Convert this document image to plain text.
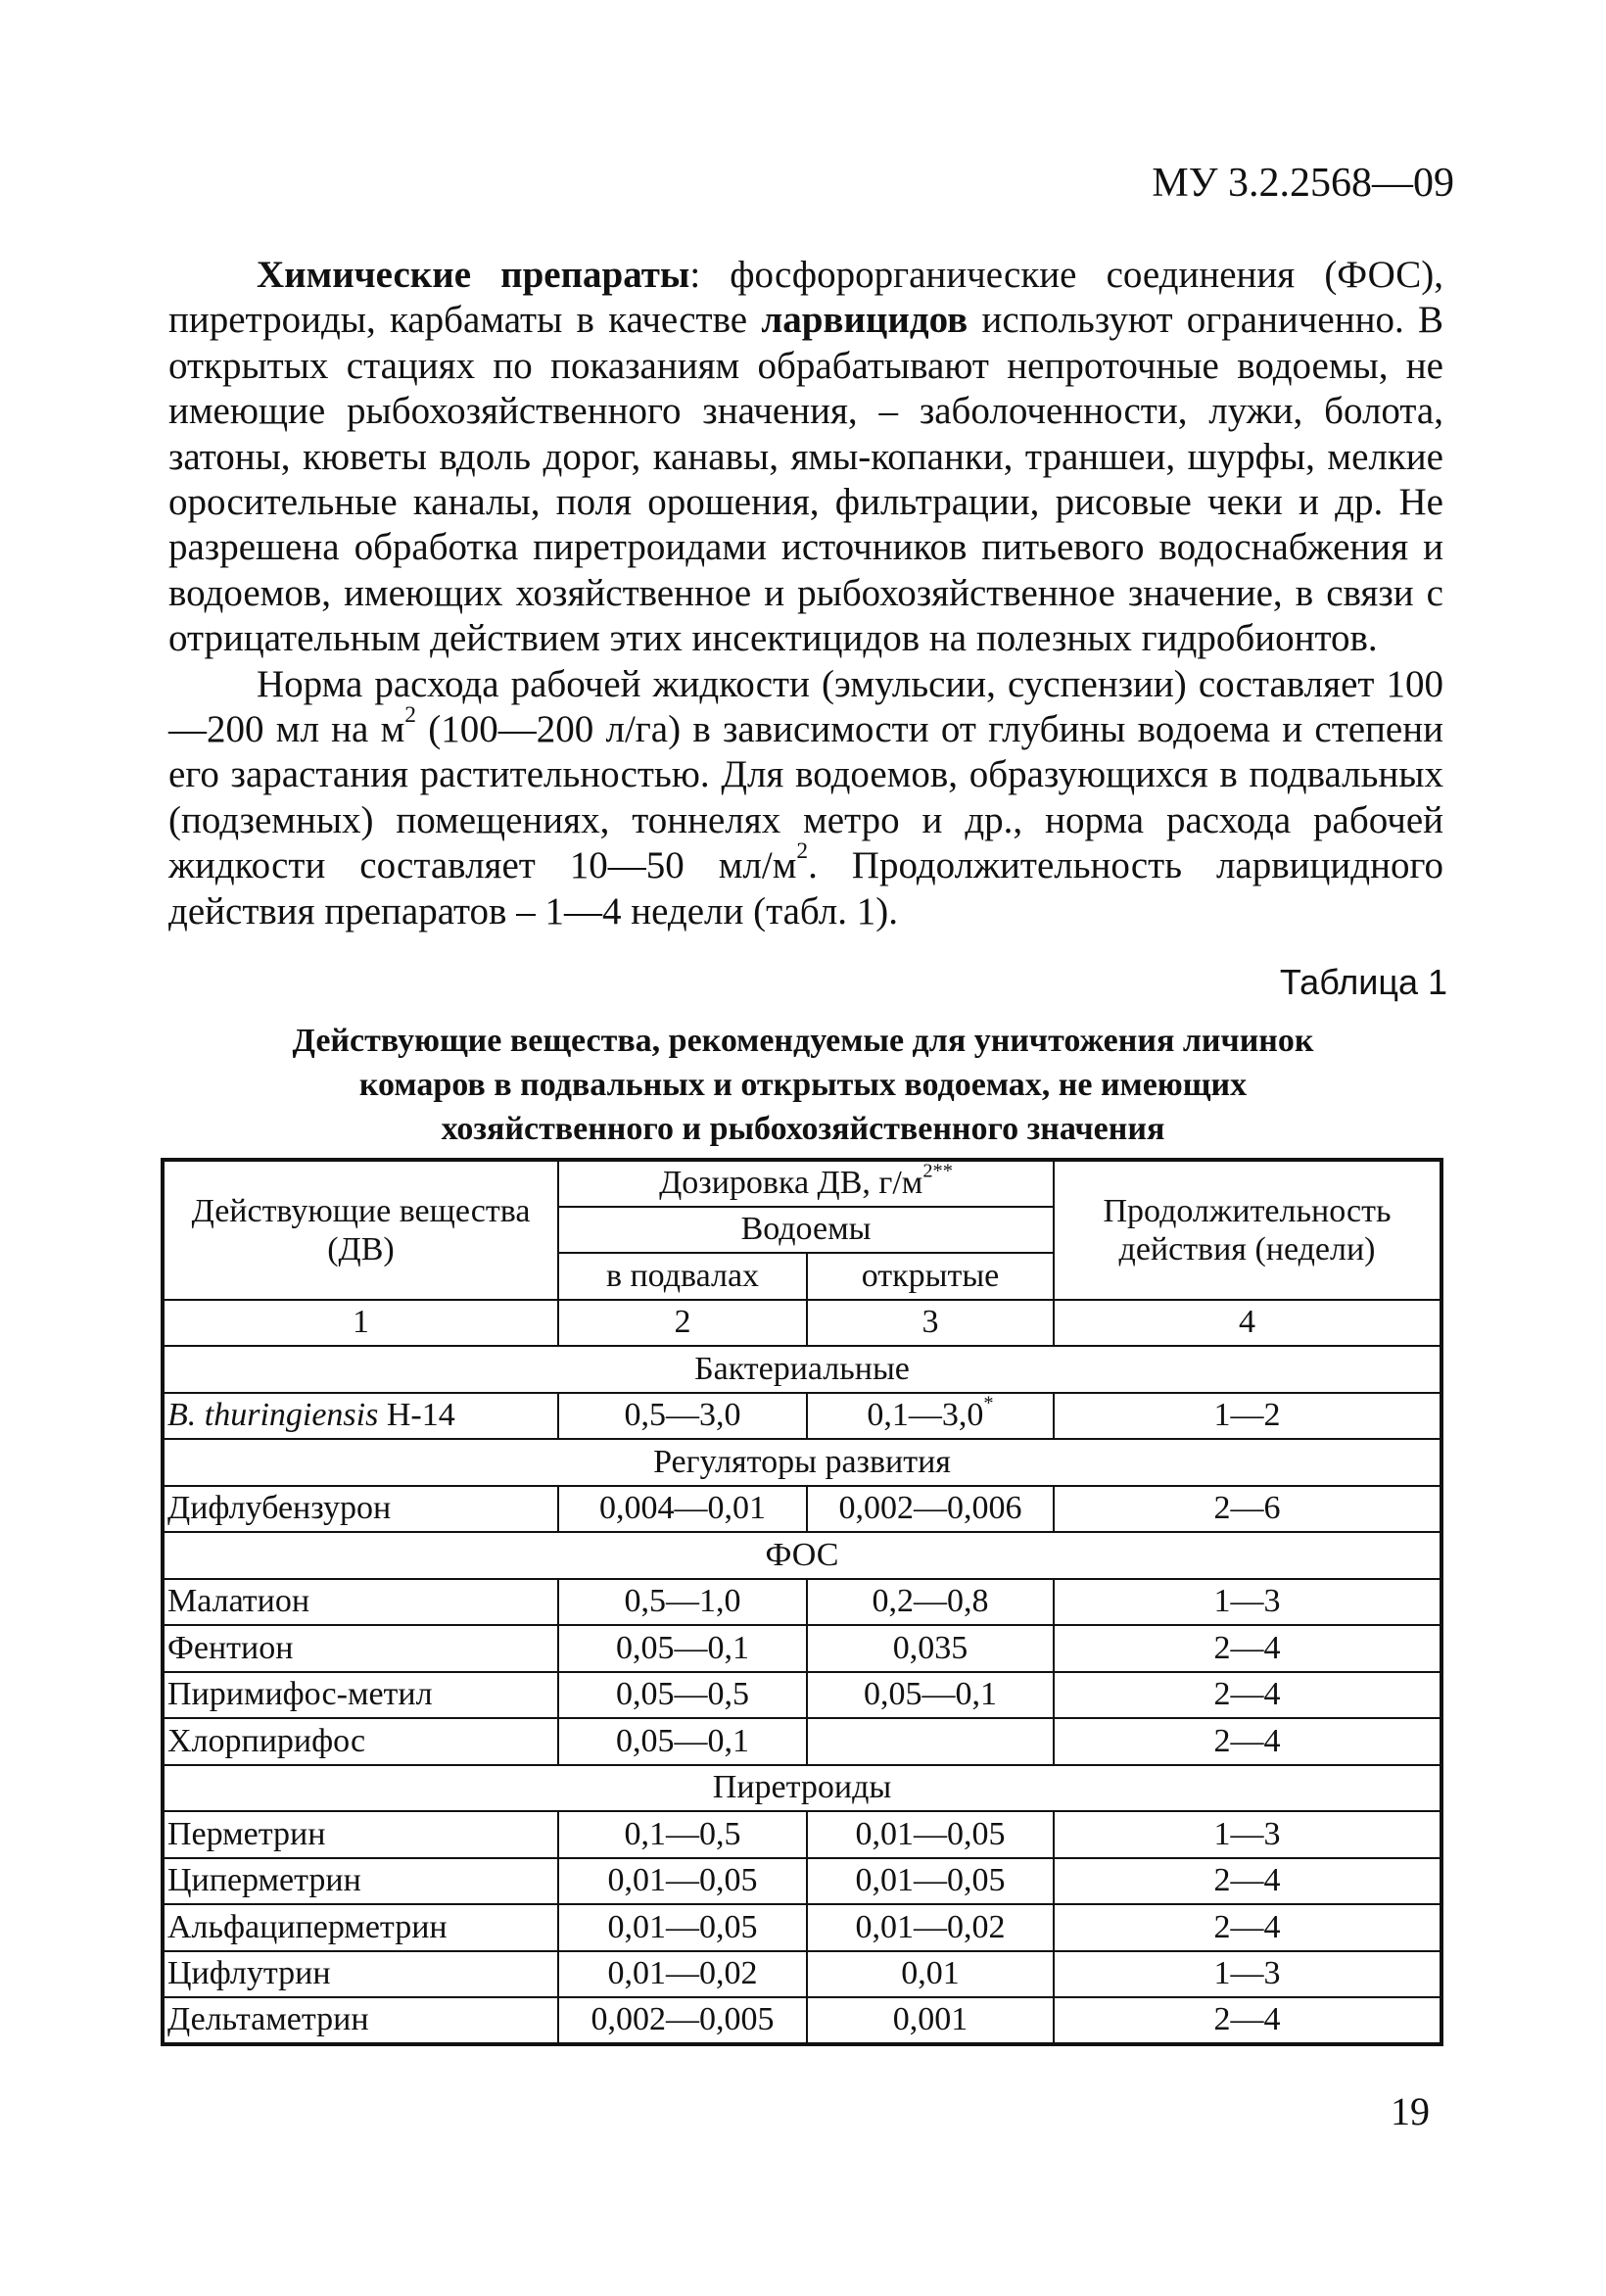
МУ 3.2.2568—09

Химические препараты: фосфорорганические соединения (ФОС), пиретроиды, карбаматы в качестве ларвицидов используют ограниченно. В открытых стациях по показаниям обрабатывают непроточные водоемы, не имеющие рыбохозяйственного значения, – заболоченности, лужи, болота, затоны, кюветы вдоль дорог, канавы, ямы-копанки, траншеи, шурфы, мелкие оросительные каналы, поля орошения, фильтрации, рисовые чеки и др. Не разрешена обработка пиретроидами источников питьевого водоснабжения и водоемов, имеющих хозяйственное и рыбохозяйственное значение, в связи с отрицательным действием этих инсектицидов на полезных гидробионтов.

Норма расхода рабочей жидкости (эмульсии, суспензии) составляет 100—200 мл на $м^2$ (100—200 л/га) в зависимости от глубины водоема и степени его зарастания растительностью. Для водоемов, образующихся в подвальных (подземных) помещениях, тоннелях метро и др., норма расхода рабочей жидкости составляет 10—50 $мл/м^2$. Продолжительность ларвицидного действия препаратов – 1—4 недели (табл. 1).

Таблица 1
Действующие вещества, рекомендуемые для уничтожения личинок
комаров в подвальных и открытых водоемах, не имеющих
хозяйственного и рыбохозяйственного значения
Действующие вещества (ДВ)	Дозировка ДВ, $г/м^{2**}$		Продолжительность действия (недели)
	Водоемы		
	в подвалах	открытые	
1	2	3	4
Бактериальные			
B. thuringiensis Н-14	0,5—3,0	0,1—3,0*	1—2
Регуляторы развития			
Дифлубензурон	0,004—0,01	0,002—0,006	2—6
ФОС			
Малатион	0,5—1,0	0,2—0,8	1—3
Фентион	0,05—0,1	0,035	2—4
Пиримифос-метил	0,05—0,5	0,05—0,1	2—4
Хлорпирифос	0,05—0,1		2—4
Пиретроиды			
Перметрин	0,1—0,5	0,01—0,05	1—3
Циперметрин	0,01—0,05	0,01—0,05	2—4
Альфациперметрин	0,01—0,05	0,01—0,02	2—4
Цифлутрин	0,01—0,02	0,01	1—3
Дельтаметрин	0,002—0,005	0,001	2—4
19
